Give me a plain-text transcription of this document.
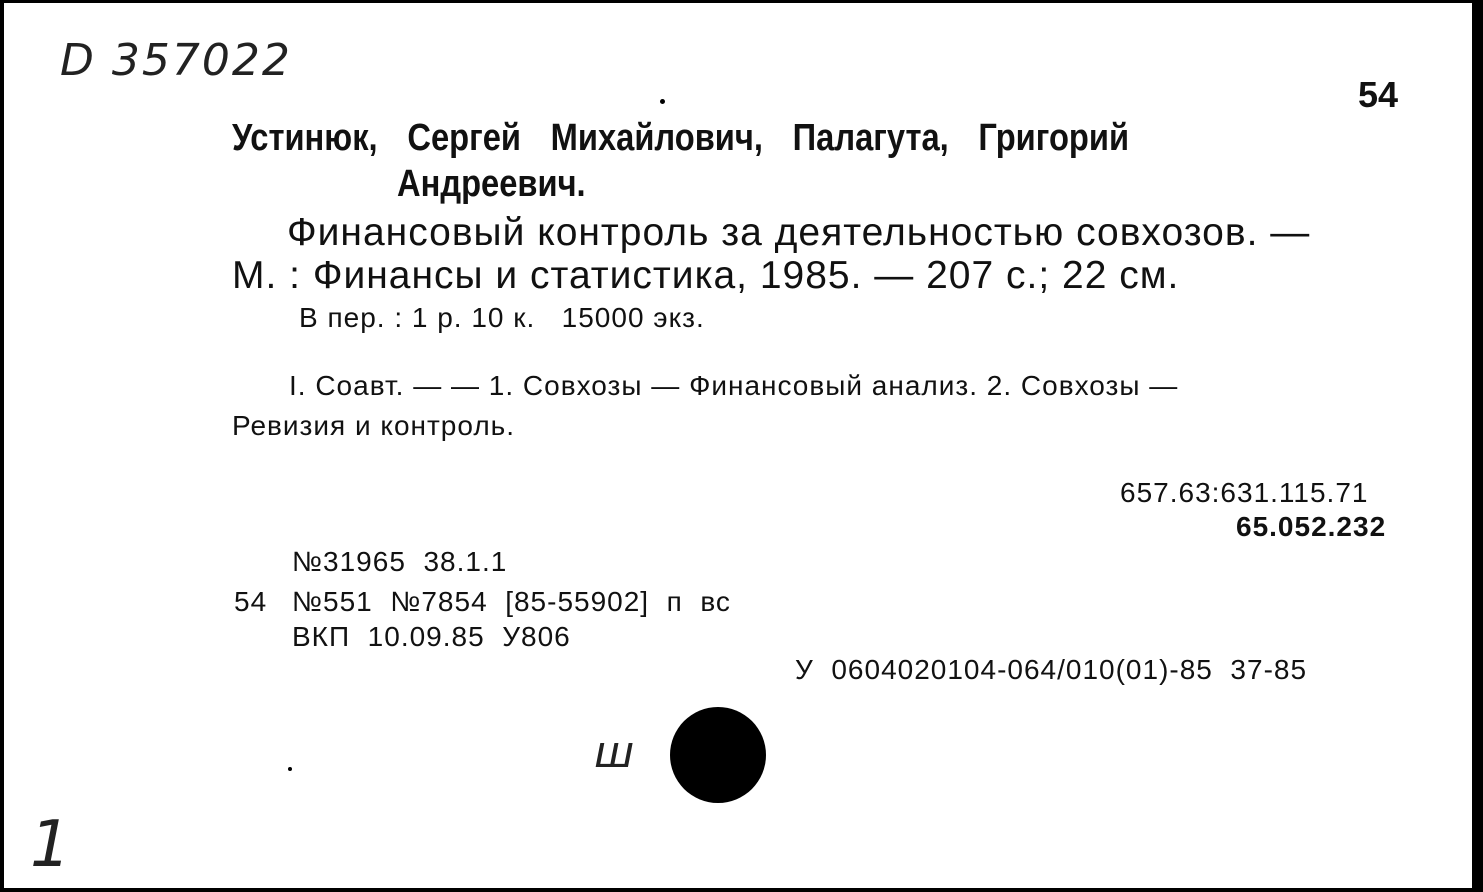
D 357022
54
Устинюк, Сергей Михайлович, Палагута, Григорий
Андреевич.
Финансовый контроль за деятельностью совхозов. —
М. : Финансы и статистика, 1985. — 207 с.; 22 см.
В пер. : 1 р. 10 к.   15000 экз.
I. Соавт. — — 1. Совхозы — Финансовый анализ. 2. Совхозы —
Ревизия и контроль.
657.63:631.115.71
65.052.232
№31965  38.1.1
54 №551  №7854  [85-55902]  п  вс
ВКП  10.09.85  У806
У  0604020104-064/010(01)-85  37-85
ш
1
